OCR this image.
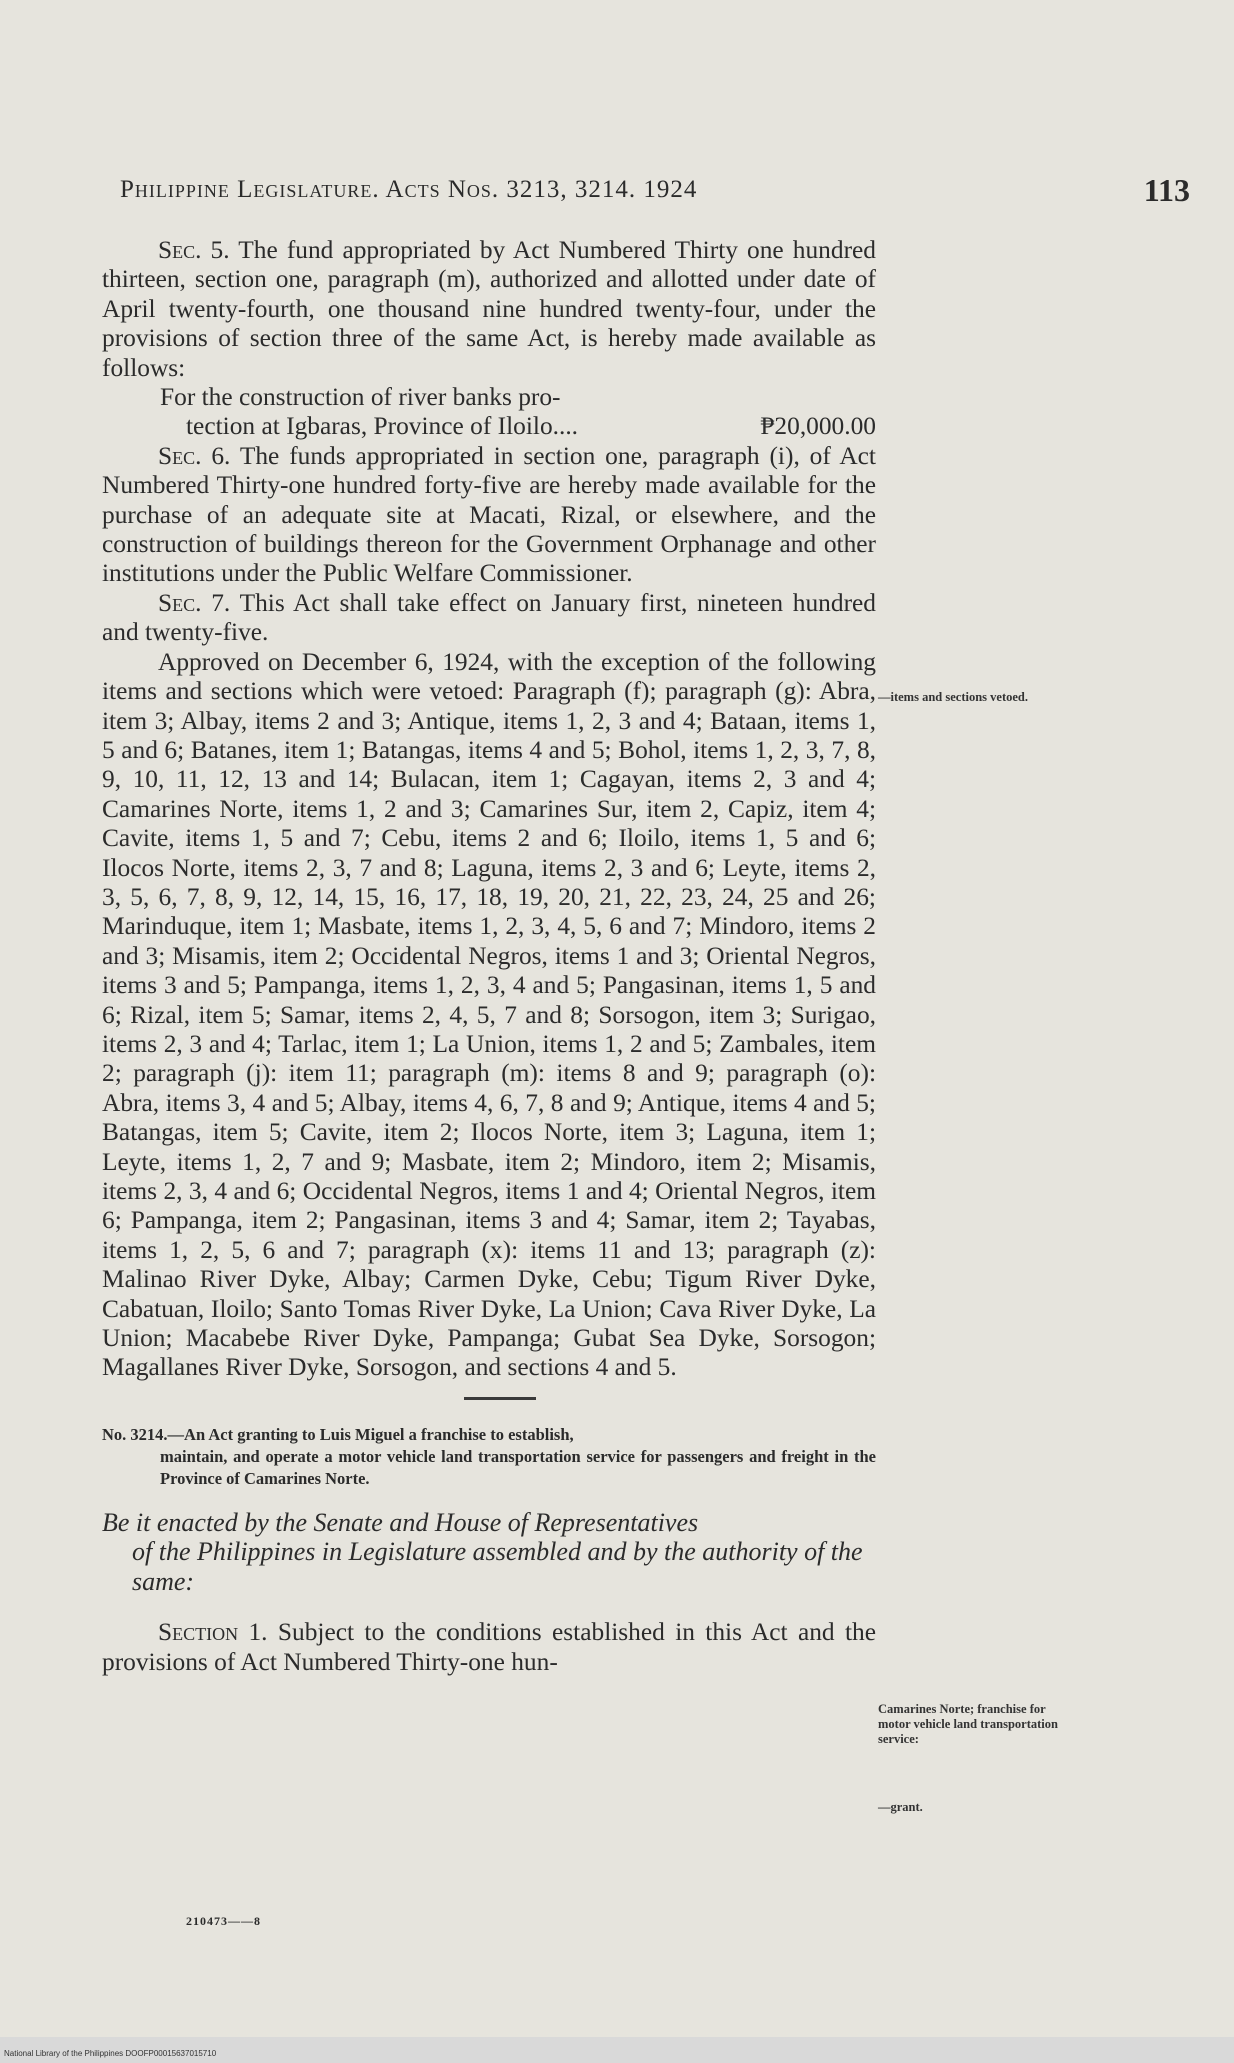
Philippine Legislature. Acts Nos. 3213, 3214. 1924	113

Sec. 5. The fund appropriated by Act Numbered Thirty one hundred thirteen, section one, paragraph (m), authorized and allotted under date of April twenty-fourth, one thousand nine hundred twenty-four, under the provisions of section three of the same Act, is hereby made available as follows:

For the construction of river banks pro-
tection at Igbaras, Province of Iloilo....	₱20,000.00

Sec. 6. The funds appropriated in section one, paragraph (i), of Act Numbered Thirty-one hundred forty-five are hereby made available for the purchase of an adequate site at Macati, Rizal, or elsewhere, and the construction of buildings thereon for the Government Orphanage and other institutions under the Public Welfare Commissioner.

Sec. 7. This Act shall take effect on January first, nineteen hundred and twenty-five.

Approved on December 6, 1924, with the exception of the following items and sections which were vetoed: Paragraph (f); paragraph (g): Abra, item 3; Albay, items 2 and 3; Antique, items 1, 2, 3 and 4; Bataan, items 1, 5 and 6; Batanes, item 1; Batangas, items 4 and 5; Bohol, items 1, 2, 3, 7, 8, 9, 10, 11, 12, 13 and 14; Bulacan, item 1; Cagayan, items 2, 3 and 4; Camarines Norte, items 1, 2 and 3; Camarines Sur, item 2, Capiz, item 4; Cavite, items 1, 5 and 7; Cebu, items 2 and 6; Iloilo, items 1, 5 and 6; Ilocos Norte, items 2, 3, 7 and 8; Laguna, items 2, 3 and 6; Leyte, items 2, 3, 5, 6, 7, 8, 9, 12, 14, 15, 16, 17, 18, 19, 20, 21, 22, 23, 24, 25 and 26; Marinduque, item 1; Masbate, items 1, 2, 3, 4, 5, 6 and 7; Mindoro, items 2 and 3; Misamis, item 2; Occidental Negros, items 1 and 3; Oriental Negros, items 3 and 5; Pampanga, items 1, 2, 3, 4 and 5; Pangasinan, items 1, 5 and 6; Rizal, item 5; Samar, items 2, 4, 5, 7 and 8; Sorsogon, item 3; Surigao, items 2, 3 and 4; Tarlac, item 1; La Union, items 1, 2 and 5; Zambales, item 2; paragraph (j): item 11; paragraph (m): items 8 and 9; paragraph (o): Abra, items 3, 4 and 5; Albay, items 4, 6, 7, 8 and 9; Antique, items 4 and 5; Batangas, item 5; Cavite, item 2; Ilocos Norte, item 3; Laguna, item 1; Leyte, items 1, 2, 7 and 9; Masbate, item 2; Mindoro, item 2; Misamis, items 2, 3, 4 and 6; Occidental Negros, items 1 and 4; Oriental Negros, item 6; Pampanga, item 2; Pangasinan, items 3 and 4; Samar, item 2; Tayabas, items 1, 2, 5, 6 and 7; paragraph (x): items 11 and 13; paragraph (z): Malinao River Dyke, Albay; Carmen Dyke, Cebu; Tigum River Dyke, Cabatuan, Iloilo; Santo Tomas River Dyke, La Union; Cava River Dyke, La Union; Macabebe River Dyke, Pampanga; Gubat Sea Dyke, Sorsogon; Magallanes River Dyke, Sorsogon, and sections 4 and 5.

No. 3214.—An Act granting to Luis Miguel a franchise to establish,
maintain, and operate a motor vehicle land transportation service for passengers and freight in the Province of Camarines Norte.
Be it enacted by the Senate and House of Representatives
of the Philippines in Legislature assembled and by the authority of the same:

Section 1. Subject to the conditions established in this Act and the provisions of Act Numbered Thirty-one hun-

—items and sections vetoed.
Camarines Norte; franchise for motor vehicle land transportation service:
—grant.
210473——8
National Library of the Philippines DOOFP00015637015710
